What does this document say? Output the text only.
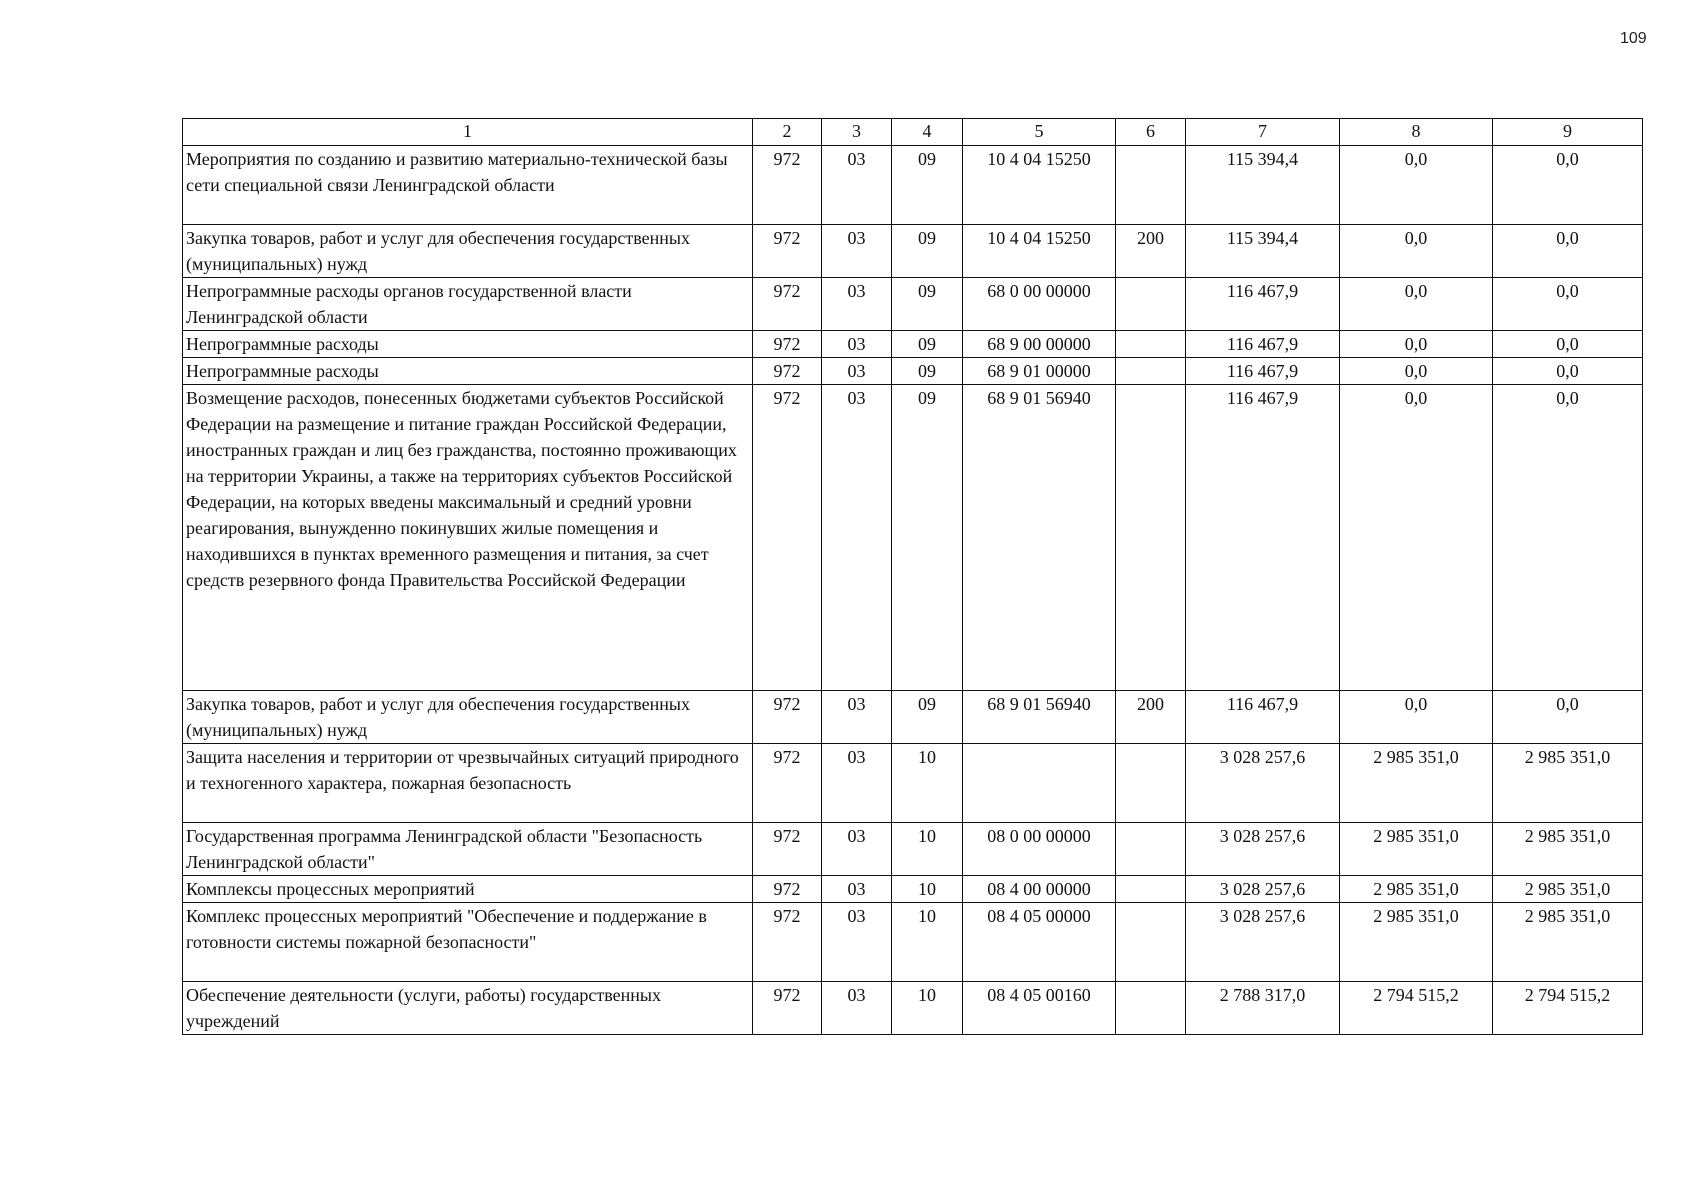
109
1	2	3	4	5	6	7	8	9
Мероприятия по созданию и развитию материально-технической базы сети специальной связи Ленинградской области	972	03	09	10 4 04 15250		115 394,4	0,0	0,0
Закупка товаров, работ и услуг для обеспечения государственных (муниципальных) нужд	972	03	09	10 4 04 15250	200	115 394,4	0,0	0,0
Непрограммные расходы органов государственной власти Ленинградской области	972	03	09	68 0 00 00000		116 467,9	0,0	0,0
Непрограммные расходы	972	03	09	68 9 00 00000		116 467,9	0,0	0,0
Непрограммные расходы	972	03	09	68 9 01 00000		116 467,9	0,0	0,0
Возмещение расходов, понесенных бюджетами субъектов Российской Федерации на размещение и питание граждан Российской Федерации, иностранных граждан и лиц без гражданства, постоянно проживающих на территории Украины, а также на территориях субъектов Российской Федерации, на которых введены максимальный и средний уровни реагирования, вынужденно покинувших жилые помещения и находившихся в пунктах временного размещения и питания, за счет средств резервного фонда Правительства Российской Федерации	972	03	09	68 9 01 56940		116 467,9	0,0	0,0
Закупка товаров, работ и услуг для обеспечения государственных (муниципальных) нужд	972	03	09	68 9 01 56940	200	116 467,9	0,0	0,0
Защита населения и территории от чрезвычайных ситуаций природного и техногенного характера, пожарная безопасность	972	03	10			3 028 257,6	2 985 351,0	2 985 351,0
Государственная программа Ленинградской области "Безопасность Ленинградской области"	972	03	10	08 0 00 00000		3 028 257,6	2 985 351,0	2 985 351,0
Комплексы процессных мероприятий	972	03	10	08 4 00 00000		3 028 257,6	2 985 351,0	2 985 351,0
Комплекс процессных мероприятий "Обеспечение и поддержание в готовности системы пожарной безопасности"	972	03	10	08 4 05 00000		3 028 257,6	2 985 351,0	2 985 351,0
Обеспечение деятельности (услуги, работы) государственных учреждений	972	03	10	08 4 05 00160		2 788 317,0	2 794 515,2	2 794 515,2
